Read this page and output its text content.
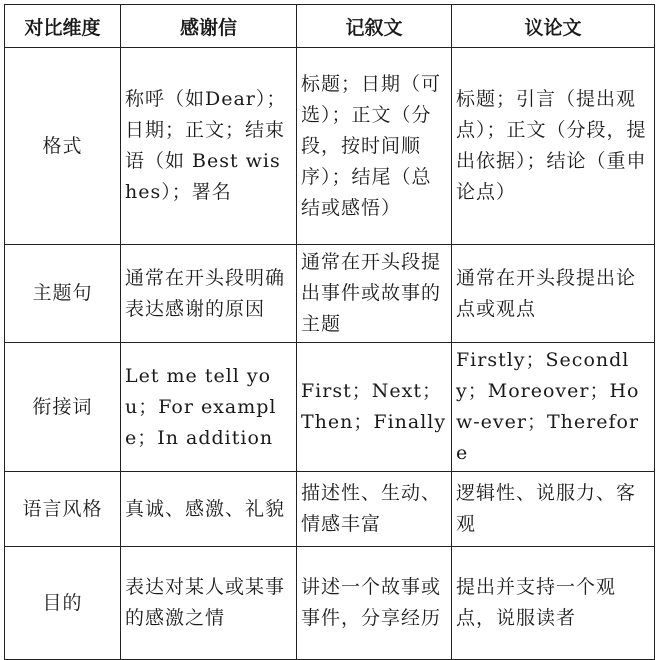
对比维度	感谢信	记叙文	议论文
格式	称呼（如Dear）；日期；正文；结束语（如 Best wishes）；署名	标题；日期（可选）；正文（分段，按时间顺序）；结尾（总结或感悟）	标题；引言（提出观点）；正文（分段，提出依据）；结论（重申论点）
主题句	通常在开头段明确表达感谢的原因	通常在开头段提出事件或故事的主题	通常在开头段提出论点或观点
衔接词	Let me tell you；For example；In addition	First；Next；Then；Finally	Firstly；Secondly；Moreover；How-ever；Therefore
语言风格	真诚、感激、礼貌	描述性、生动、情感丰富	逻辑性、说服力、客观
目的	表达对某人或某事的感激之情	讲述一个故事或事件，分享经历	提出并支持一个观点，说服读者
